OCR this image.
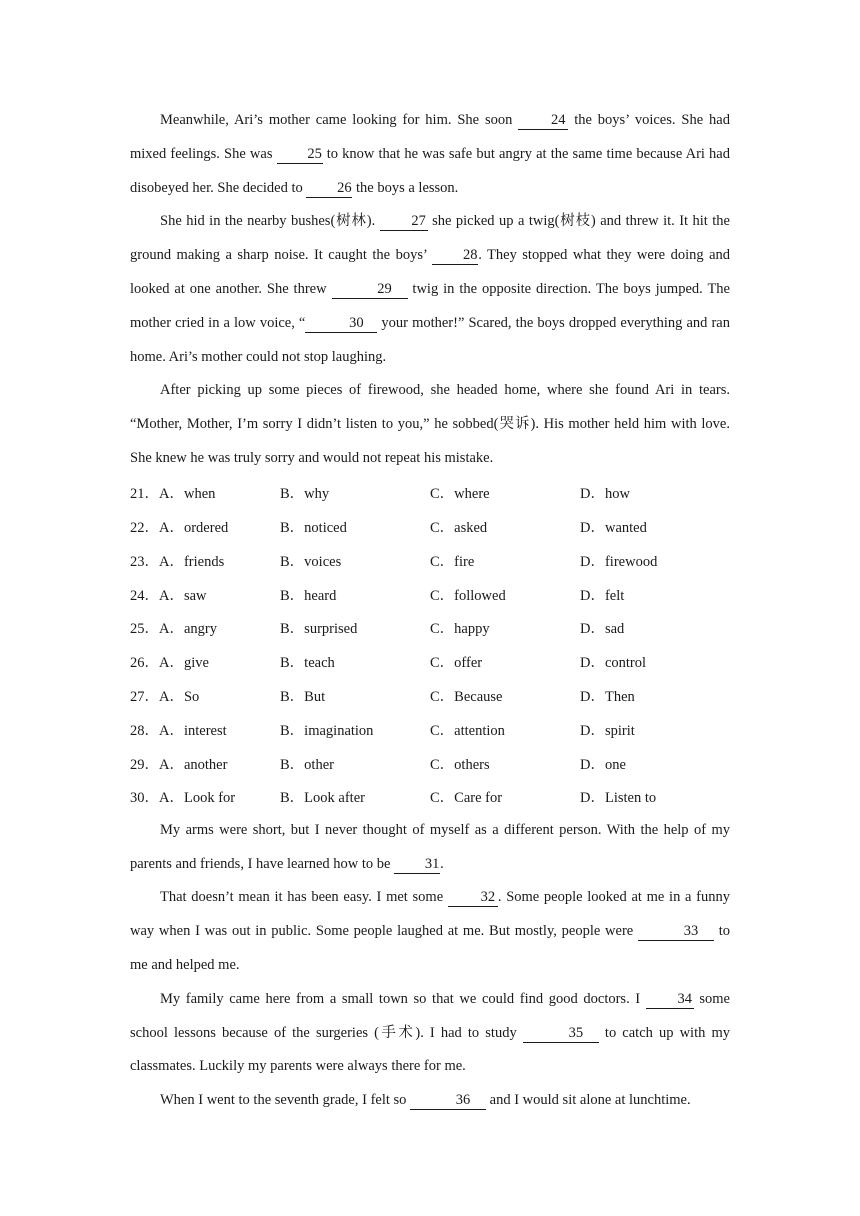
Meanwhile, Ari’s mother came looking for him. She soon 24 the boys’ voices. She had mixed feelings. She was 25 to know that he was safe but angry at the same time because Ari had disobeyed her. She decided to 26 the boys a lesson.

She hid in the nearby bushes(树林). 27 she picked up a twig(树枝) and threw it. It hit the ground making a sharp noise. It caught the boys’ 28. They stopped what they were doing and looked at one another. She threw	29 twig in the opposite direction. The boys jumped. The mother cried in a low voice, “	30 your mother!” Scared, the boys dropped everything and ran home. Ari’s mother could not stop laughing.

After picking up some pieces of firewood, she headed home, where she found Ari in tears. “Mother, Mother, I’m sorry I didn’t listen to you,” he sobbed(哭诉). His mother held him with love. She knew he was truly sorry and would not repeat his mistake.

21． A．when	B．why	C．where	D．how
22． A．ordered	B．noticed	C．asked	D．wanted
23． A．friends	B．voices	C．fire	D．firewood
24． A．saw	B．heard	C．followed	D．felt
25． A．angry	B．surprised	C．happy	D．sad
26． A．give	B．teach	C．offer	D．control
27． A．So	B．But	C．Because	D．Then
28． A．interest	B．imagination	C．attention	D．spirit
29． A．another	B．other	C．others	D．one
30． A．Look for	B．Look after	C．Care for	D．Listen to

My arms were short, but I never thought of myself as a different person. With the help of my parents and friends, I have learned how to be 31.

That doesn’t mean it has been easy. I met some 32 . Some people looked at me in a funny way when I was out in public. Some people laughed at me. But mostly, people were	33 to me and helped me.

My family came here from a small town so that we could find good doctors. I 34 some school lessons because of the surgeries (手术). I had to study	35 to catch up with my classmates. Luckily my parents were always there for me.

When I went to the seventh grade, I felt so	36 and I would sit alone at lunchtime.
